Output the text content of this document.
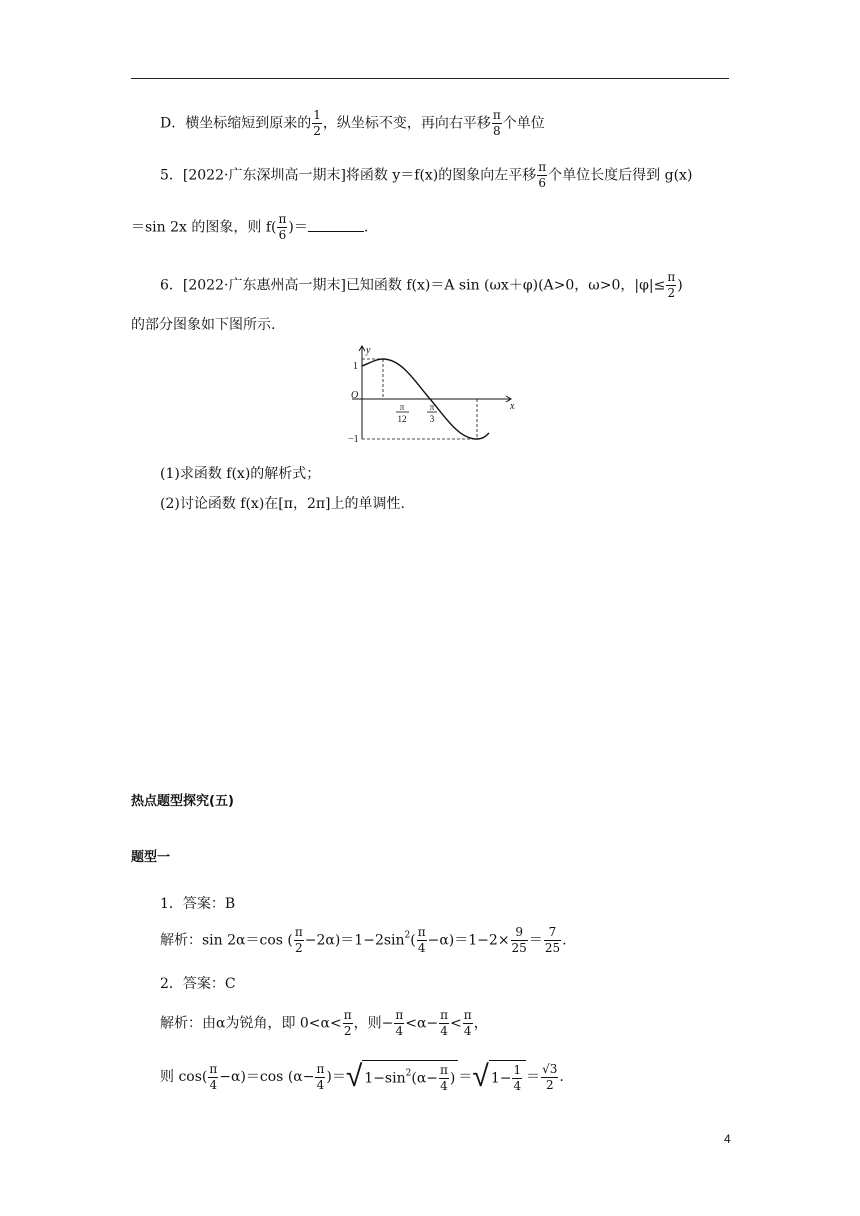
D．横坐标缩短到原来的 $\frac{1}{2}$ ，纵坐标不变，再向右平移 $\frac{\pi}{8}$ 个单位
5．[2022·广东深圳高一期末]将函数 y＝f(x)的图象向左平移 $\frac{\pi}{6}$ 个单位长度后得到 g(x)
＝sin 2x 的图象，则 $f( \frac{\pi}{6}$ )＝	.
6．[2022·广东惠州高一期末]已知函数 f(x)＝A sin (ωx＋φ)(A>0，ω>0，$|\varphi|\le \frac{\pi}{2}$ )
的部分图象如下图所示.
y
x
O
1
−1
π
12
π
3
(1)求函数 f(x)的解析式；
(2)讨论函数 f(x)在[π，2π]上的单调性.
热点题型探究(五)
题型一
1．答案：B
解析：sin 2α＝cos ( $\frac{\pi}{2} -2\alpha)=1-2\sin^2( \frac{\pi}{4} -\alpha)=1-2\times \frac{9}{25} = \frac{7}{25}$ .
2．答案：C
解析：由α为锐角，即 $0<\alpha< \frac{\pi}{2}$ ，则− $\frac{\pi}{4} <\alpha- \frac{\pi}{4} < \frac{\pi}{4}$ ，
则 $\cos( \frac{\pi}{4} -\alpha)=\cos$ ($\alpha- \frac{\pi}{4}$ )＝√ $1-\sin^2(\alpha- \frac{\pi}{4}$ ) ＝√ $1- \frac{1}{4} = \frac{√3}{2}$ .
4
